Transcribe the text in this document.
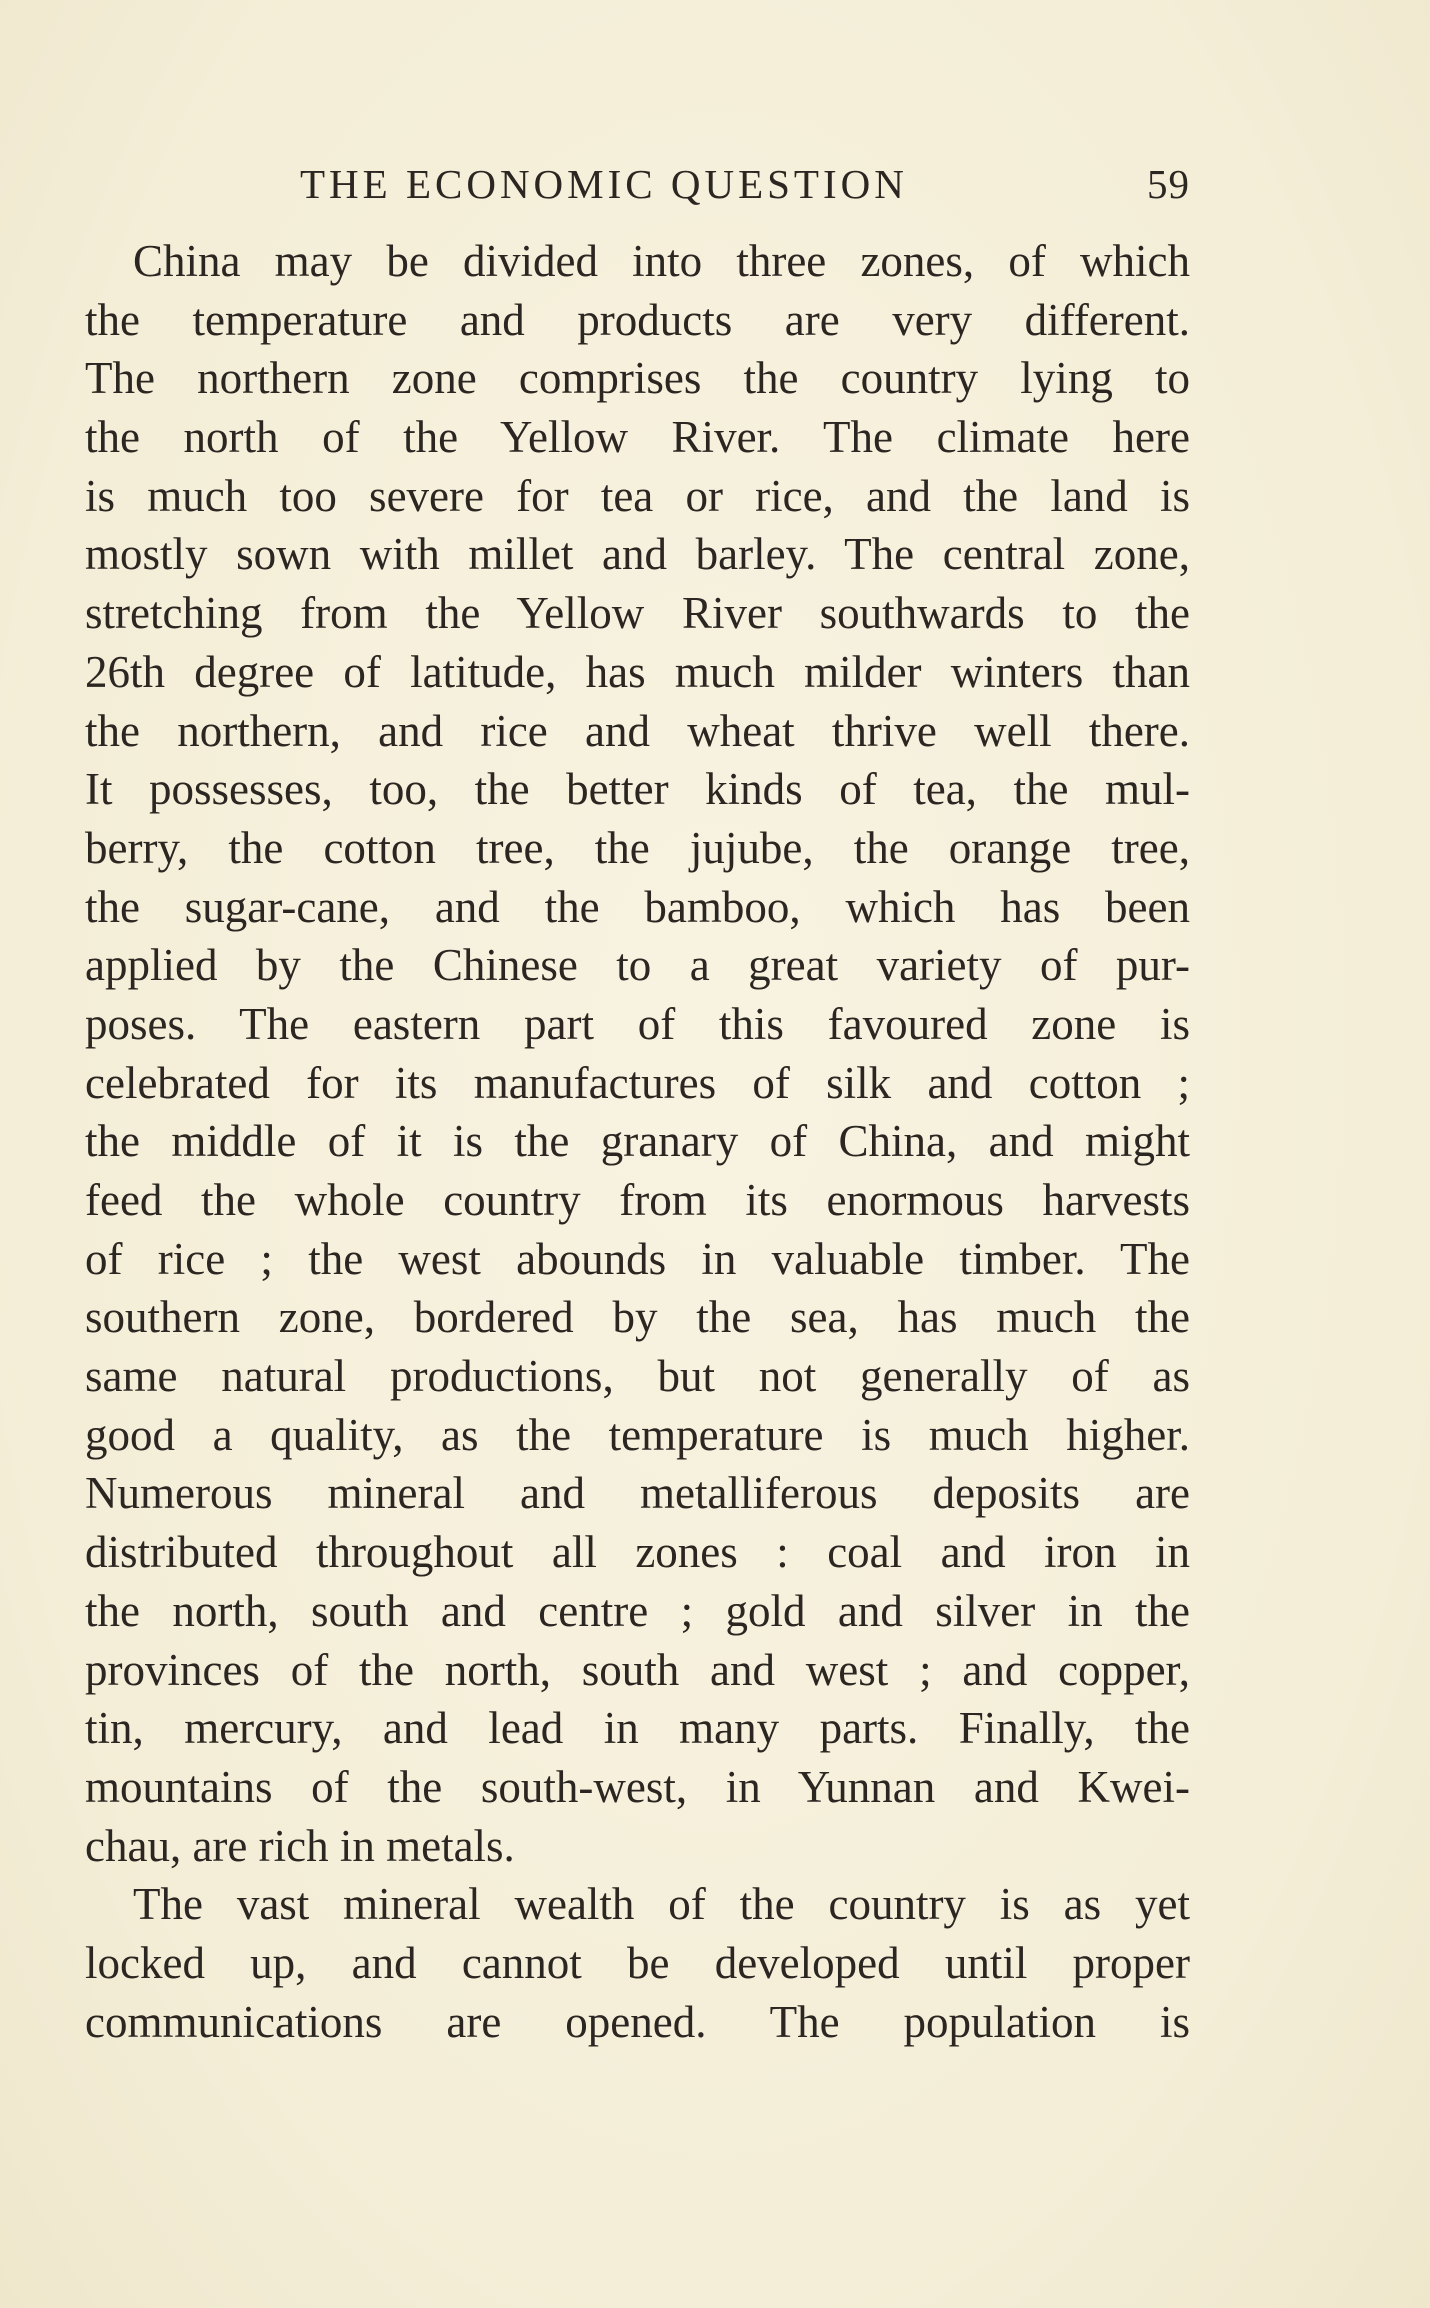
THE ECONOMIC QUESTION	59
China may be divided into three zones, of which
the temperature and products are very different.
The northern zone comprises the country lying to
the north of the Yellow River. The climate here
is much too severe for tea or rice, and the land is
mostly sown with millet and barley. The central zone,
stretching from the Yellow River southwards to the
26th degree of latitude, has much milder winters than
the northern, and rice and wheat thrive well there.
It possesses, too, the better kinds of tea, the mul-
berry, the cotton tree, the jujube, the orange tree,
the sugar-cane, and the bamboo, which has been
applied by the Chinese to a great variety of pur-
poses. The eastern part of this favoured zone is
celebrated for its manufactures of silk and cotton ;
the middle of it is the granary of China, and might
feed the whole country from its enormous harvests
of rice ; the west abounds in valuable timber. The
southern zone, bordered by the sea, has much the
same natural productions, but not generally of as
good a quality, as the temperature is much higher.
Numerous mineral and metalliferous deposits are
distributed throughout all zones : coal and iron in
the north, south and centre ; gold and silver in the
provinces of the north, south and west ; and copper,
tin, mercury, and lead in many parts. Finally, the
mountains of the south-west, in Yunnan and Kwei-
chau, are rich in metals.
The vast mineral wealth of the country is as yet
locked up, and cannot be developed until proper
communications are opened. The population is
